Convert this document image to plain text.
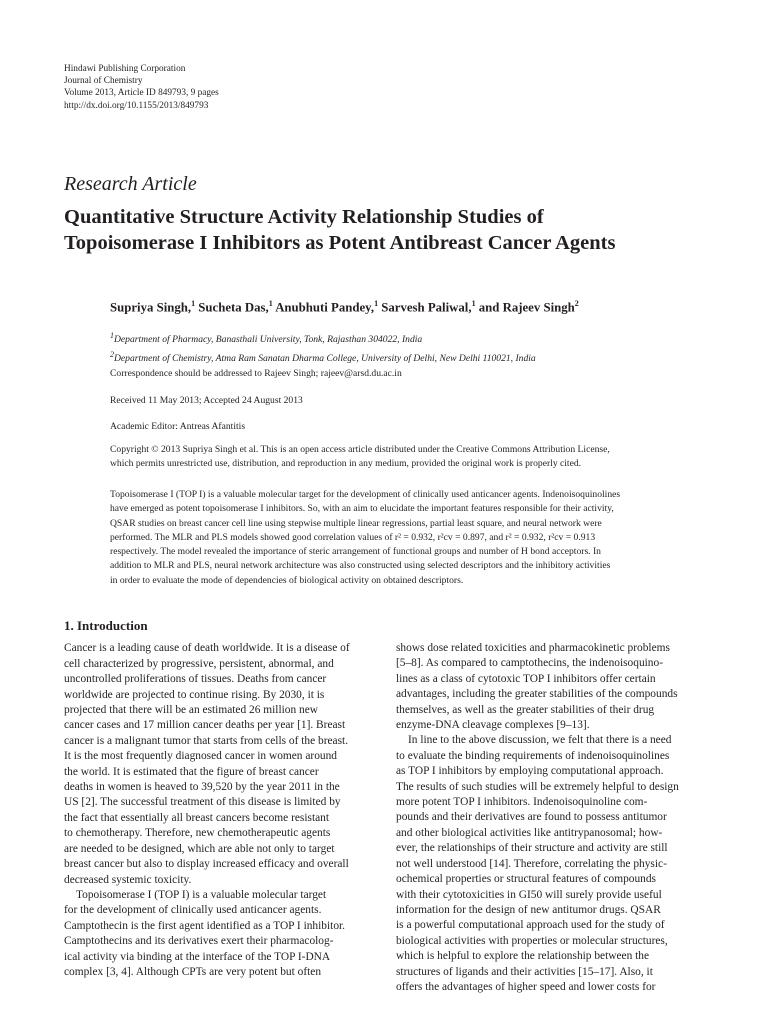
Hindawi Publishing Corporation
Journal of Chemistry
Volume 2013, Article ID 849793, 9 pages
http://dx.doi.org/10.1155/2013/849793
Research Article
Quantitative Structure Activity Relationship Studies of
Topoisomerase I Inhibitors as Potent Antibreast Cancer Agents
Supriya Singh,$^1$ Sucheta Das,$^1$ Anubhuti Pandey,$^1$ Sarvesh Paliwal,$^1$ and Rajeev Singh$^2$
$^1$Department of Pharmacy, Banasthali University, Tonk, Rajasthan 304022, India
$^2$Department of Chemistry, Atma Ram Sanatan Dharma College, University of Delhi, New Delhi 110021, India
Correspondence should be addressed to Rajeev Singh; rajeev@arsd.du.ac.in
Received 11 May 2013; Accepted 24 August 2013
Academic Editor: Antreas Afantitis
Copyright © 2013 Supriya Singh et al. This is an open access article distributed under the Creative Commons Attribution License,
which permits unrestricted use, distribution, and reproduction in any medium, provided the original work is properly cited.
Topoisomerase I (TOP I) is a valuable molecular target for the development of clinically used anticancer agents. Indenoisoquinolines
have emerged as potent topoisomerase I inhibitors. So, with an aim to elucidate the important features responsible for their activity,
QSAR studies on breast cancer cell line using stepwise multiple linear regressions, partial least square, and neural network were
performed. The MLR and PLS models showed good correlation values of r² = 0.932, r²cv = 0.897, and r² = 0.932, r²cv = 0.913
respectively. The model revealed the importance of steric arrangement of functional groups and number of H bond acceptors. In
addition to MLR and PLS, neural network architecture was also constructed using selected descriptors and the inhibitory activities
in order to evaluate the mode of dependencies of biological activity on obtained descriptors.
1. Introduction
Cancer is a leading cause of death worldwide. It is a disease of
cell characterized by progressive, persistent, abnormal, and
uncontrolled proliferations of tissues. Deaths from cancer
worldwide are projected to continue rising. By 2030, it is
projected that there will be an estimated 26 million new
cancer cases and 17 million cancer deaths per year [1]. Breast
cancer is a malignant tumor that starts from cells of the breast.
It is the most frequently diagnosed cancer in women around
the world. It is estimated that the figure of breast cancer
deaths in women is heaved to 39,520 by the year 2011 in the
US [2]. The successful treatment of this disease is limited by
the fact that essentially all breast cancers become resistant
to chemotherapy. Therefore, new chemotherapeutic agents
are needed to be designed, which are able not only to target
breast cancer but also to display increased efficacy and overall
decreased systemic toxicity.
Topoisomerase I (TOP I) is a valuable molecular target
for the development of clinically used anticancer agents.
Camptothecin is the first agent identified as a TOP I inhibitor.
Camptothecins and its derivatives exert their pharmacolog-
ical activity via binding at the interface of the TOP I-DNA
complex [3, 4]. Although CPTs are very potent but often
shows dose related toxicities and pharmacokinetic problems
[5–8]. As compared to camptothecins, the indenoisoquino-
lines as a class of cytotoxic TOP I inhibitors offer certain
advantages, including the greater stabilities of the compounds
themselves, as well as the greater stabilities of their drug
enzyme-DNA cleavage complexes [9–13].
In line to the above discussion, we felt that there is a need
to evaluate the binding requirements of indenoisoquinolines
as TOP I inhibitors by employing computational approach.
The results of such studies will be extremely helpful to design
more potent TOP I inhibitors. Indenoisoquinoline com-
pounds and their derivatives are found to possess antitumor
and other biological activities like antitrypanosomal; how-
ever, the relationships of their structure and activity are still
not well understood [14]. Therefore, correlating the physic-
ochemical properties or structural features of compounds
with their cytotoxicities in GI50 will surely provide useful
information for the design of new antitumor drugs. QSAR
is a powerful computational approach used for the study of
biological activities with properties or molecular structures,
which is helpful to explore the relationship between the
structures of ligands and their activities [15–17]. Also, it
offers the advantages of higher speed and lower costs for
